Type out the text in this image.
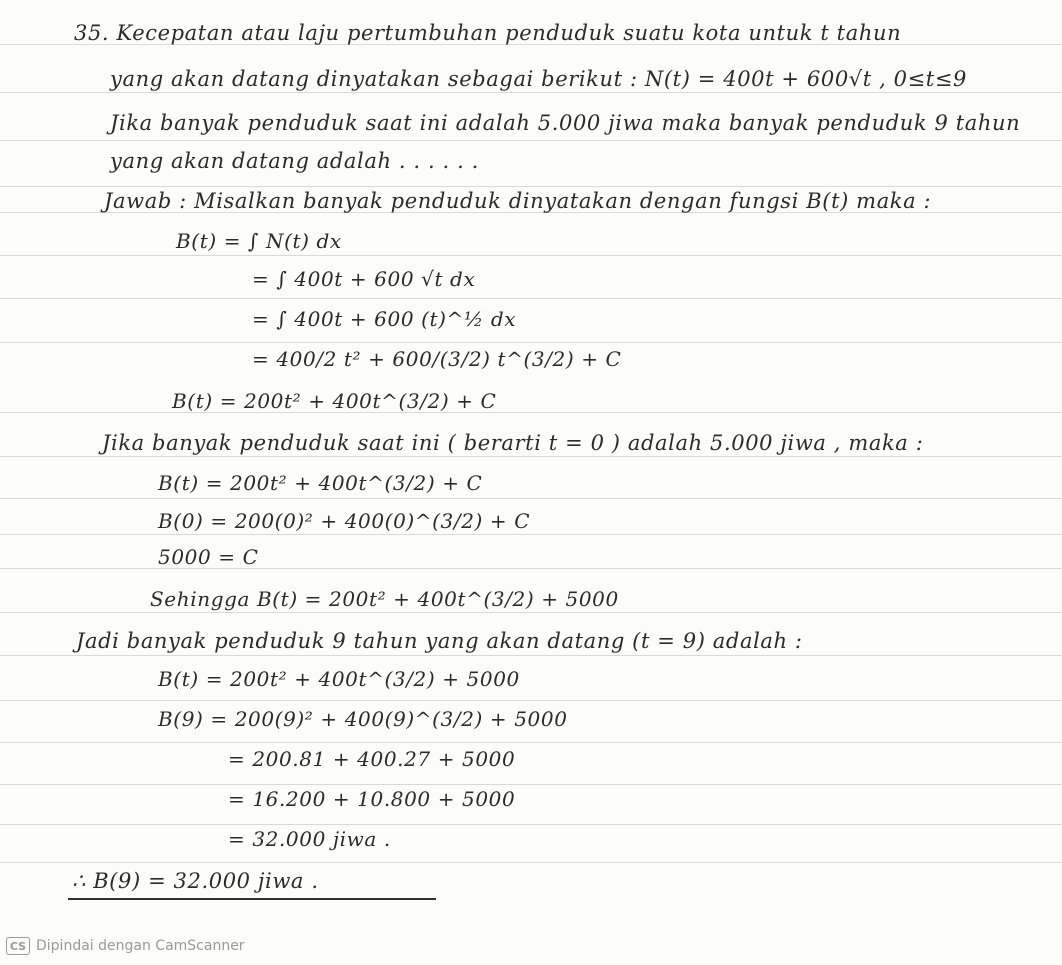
35. Kecepatan atau laju pertumbuhan penduduk suatu kota untuk t tahun
yang akan datang dinyatakan sebagai berikut : N(t) = 400t + 600√t , 0≤t≤9
Jika banyak penduduk saat ini adalah 5.000 jiwa maka banyak penduduk 9 tahun
yang akan datang adalah . . . . . .
Jawab : Misalkan banyak penduduk dinyatakan dengan fungsi B(t) maka :
B(t) = ∫ N(t) dx
= ∫ 400t + 600 √t dx
= ∫ 400t + 600 (t)^½ dx
= 400/2 t² + 600/(3/2) t^(3/2) + C
B(t) = 200t² + 400t^(3/2) + C
Jika banyak penduduk saat ini ( berarti t = 0 ) adalah 5.000 jiwa , maka :
B(t) = 200t² + 400t^(3/2) + C
B(0) = 200(0)² + 400(0)^(3/2) + C
5000 = C
Sehingga B(t) = 200t² + 400t^(3/2) + 5000
Jadi banyak penduduk 9 tahun yang akan datang (t = 9) adalah :
B(t) = 200t² + 400t^(3/2) + 5000
B(9) = 200(9)² + 400(9)^(3/2) + 5000
= 200.81 + 400.27 + 5000
= 16.200 + 10.800 + 5000
= 32.000 jiwa .
∴ B(9) = 32.000 jiwa .
CS Dipindai dengan CamScanner
